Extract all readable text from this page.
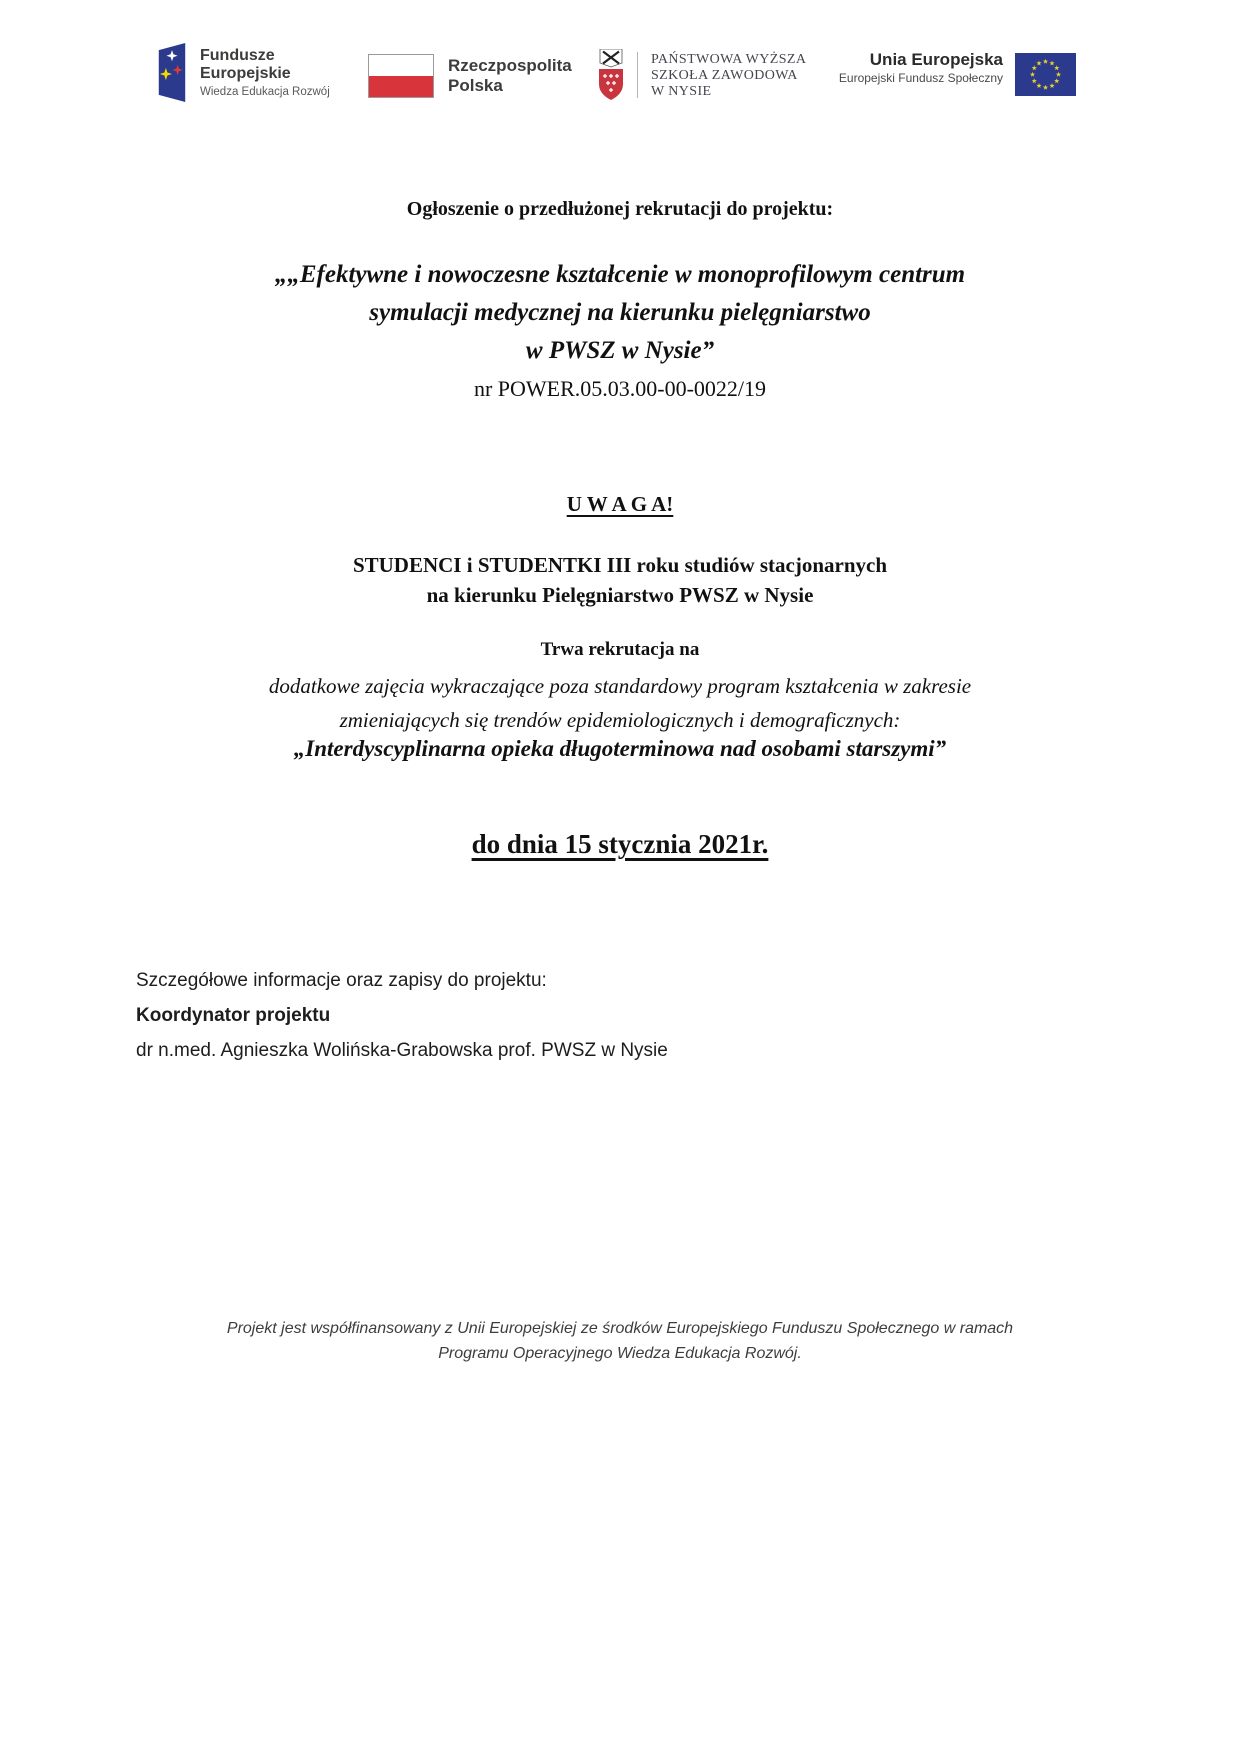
Fundusze
Europejskie
Wiedza Edukacja Rozwój
Rzeczpospolita
Polska
PAŃSTWOWA WYŻSZA
SZKOŁA ZAWODOWA
W NYSIE
Unia Europejska
Europejski Fundusz Społeczny
Ogłoszenie o przedłużonej rekrutacji do projektu:
„„Efektywne i nowoczesne kształcenie w monoprofilowym centrum
symulacji medycznej na kierunku pielęgniarstwo
w PWSZ w Nysie”
nr POWER.05.03.00-00-0022/19
U W A G A!
STUDENCI i STUDENTKI III roku studiów stacjonarnych
na kierunku Pielęgniarstwo PWSZ w Nysie
Trwa rekrutacja na
dodatkowe zajęcia wykraczające poza standardowy program kształcenia w zakresie
zmieniających się trendów epidemiologicznych i demograficznych:
„Interdyscyplinarna opieka długoterminowa nad osobami starszymi”
do dnia 15 stycznia 2021r.
Szczegółowe informacje oraz zapisy do projektu:
Koordynator projektu
dr n.med. Agnieszka Wolińska-Grabowska prof. PWSZ w Nysie
Projekt jest współfinansowany z Unii Europejskiej ze środków Europejskiego Funduszu Społecznego w ramach
Programu Operacyjnego Wiedza Edukacja Rozwój.
